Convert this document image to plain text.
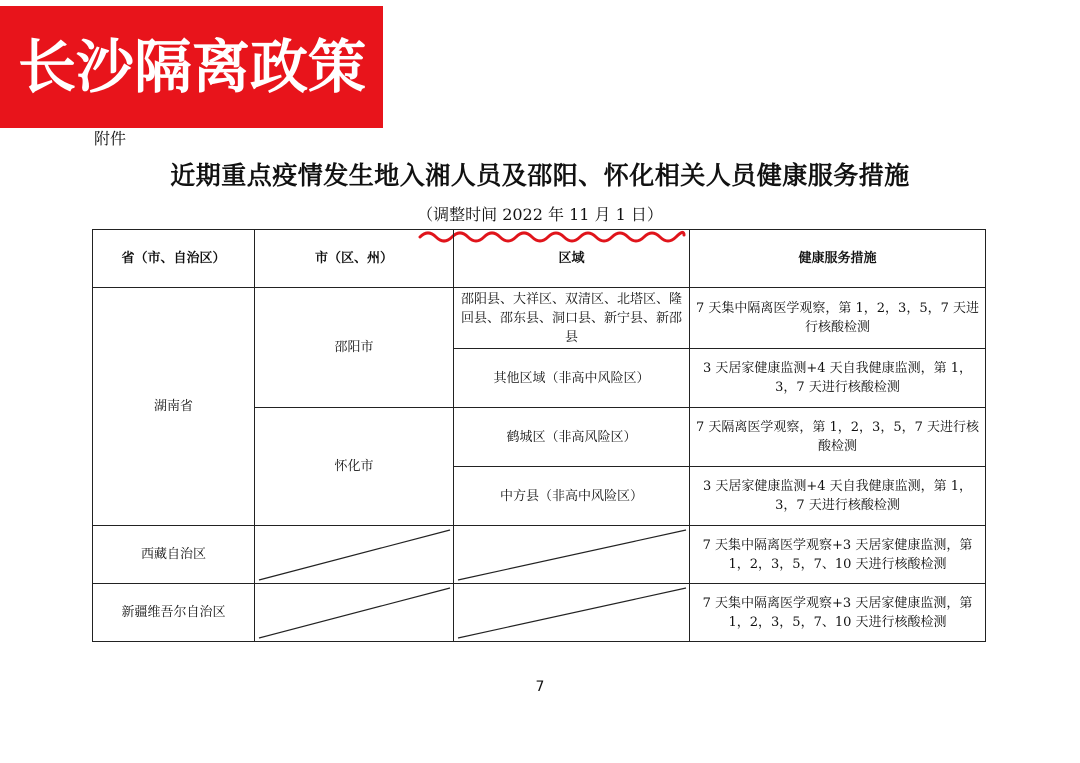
长沙隔离政策
附件
近期重点疫情发生地入湘人员及邵阳、怀化相关人员健康服务措施
（调整时间 2022 年 11 月 1 日）
省（市、自治区）	市（区、州）	区域	健康服务措施
湖南省	邵阳市	邵阳县、大祥区、双清区、北塔区、隆回县、邵东县、洞口县、新宁县、新邵县	7 天集中隔离医学观察，第 1，2，3，5，7 天进行核酸检测
		其他区域（非高中风险区）	3 天居家健康监测+4 天自我健康监测，第 1，3，7 天进行核酸检测
	怀化市	鹤城区（非高风险区）	7 天隔离医学观察，第 1，2，3，5，7 天进行核酸检测
		中方县（非高中风险区）	3 天居家健康监测+4 天自我健康监测，第 1，3，7 天进行核酸检测
西藏自治区			7 天集中隔离医学观察+3 天居家健康监测，第 1，2，3，5，7、10 天进行核酸检测
新疆维吾尔自治区			7 天集中隔离医学观察+3 天居家健康监测，第 1，2，3，5，7、10 天进行核酸检测
7
